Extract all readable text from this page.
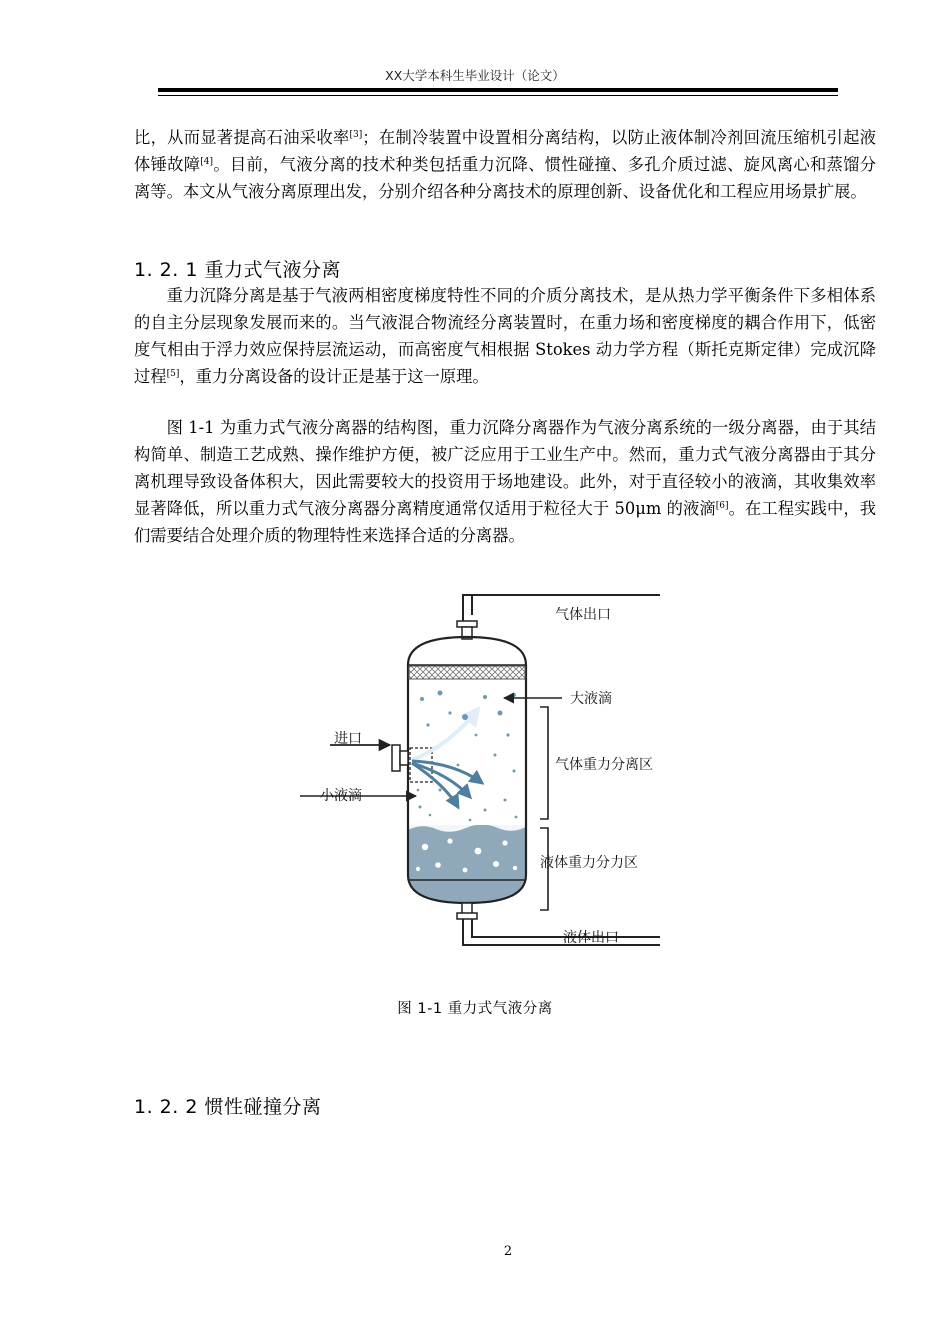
XX大学本科生毕业设计（论文）

比，从而显著提高石油采收率[3]；在制冷装置中设置相分离结构，以防止液体制冷剂回流压缩机引起液体锤故障[4]。目前，气液分离的技术种类包括重力沉降、惯性碰撞、多孔介质过滤、旋风离心和蒸馏分离等。本文从气液分离原理出发，分别介绍各种分离技术的原理创新、设备优化和工程应用场景扩展。

1. 2. 1 重力式气液分离

重力沉降分离是基于气液两相密度梯度特性不同的介质分离技术，是从热力学平衡条件下多相体系的自主分层现象发展而来的。当气液混合物流经分离装置时，在重力场和密度梯度的耦合作用下，低密度气相由于浮力效应保持层流运动，而高密度气相根据 Stokes 动力学方程（斯托克斯定律）完成沉降过程[5]，重力分离设备的设计正是基于这一原理。

图 1-1 为重力式气液分离器的结构图，重力沉降分离器作为气液分离系统的一级分离器，由于其结构简单、制造工艺成熟、操作维护方便，被广泛应用于工业生产中。然而，重力式气液分离器由于其分离机理导致设备体积大，因此需要较大的投资用于场地建设。此外，对于直径较小的液滴，其收集效率显著降低，所以重力式气液分离器分离精度通常仅适用于粒径大于 50μm 的液滴[6]。在工程实践中，我们需要结合处理介质的物理特性来选择合适的分离器。

气体出口
大液滴
进口
气体重力分离区
小液滴
液体重力分力区
液体出口
图 1-1 重力式气液分离
1. 2. 2 惯性碰撞分离
2
